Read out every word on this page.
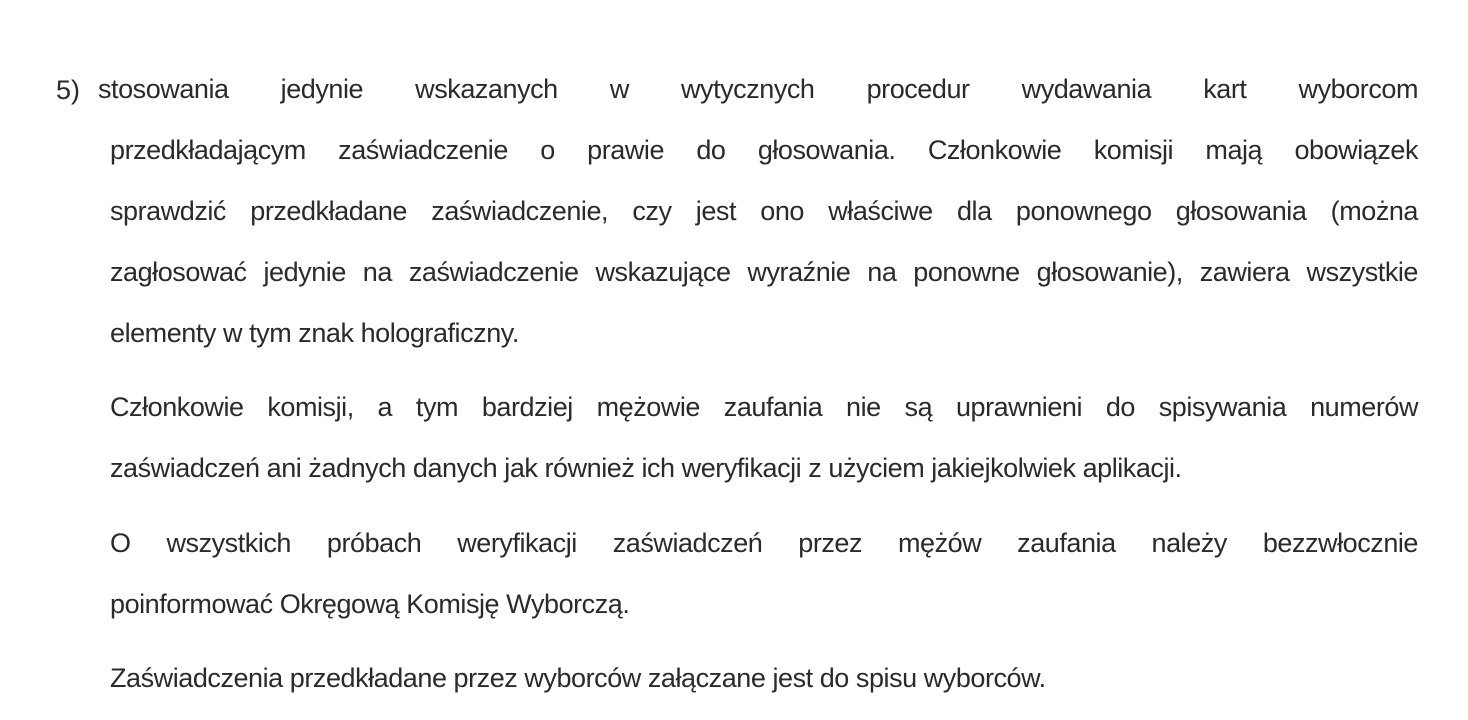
5) stosowania jedynie wskazanych w wytycznych procedur wydawania kart wyborcom
przedkładającym zaświadczenie o prawie do głosowania. Członkowie komisji mają obowiązek
sprawdzić przedkładane zaświadczenie, czy jest ono właściwe dla ponownego głosowania (można
zagłosować jedynie na zaświadczenie wskazujące wyraźnie na ponowne głosowanie), zawiera wszystkie
elementy w tym znak holograficzny.
Członkowie komisji, a tym bardziej mężowie zaufania nie są uprawnieni do spisywania numerów
zaświadczeń ani żadnych danych jak również ich weryfikacji z użyciem jakiejkolwiek aplikacji.
O wszystkich próbach weryfikacji zaświadczeń przez mężów zaufania należy bezzwłocznie
poinformować Okręgową Komisję Wyborczą.
Zaświadczenia przedkładane przez wyborców załączane jest do spisu wyborców.
